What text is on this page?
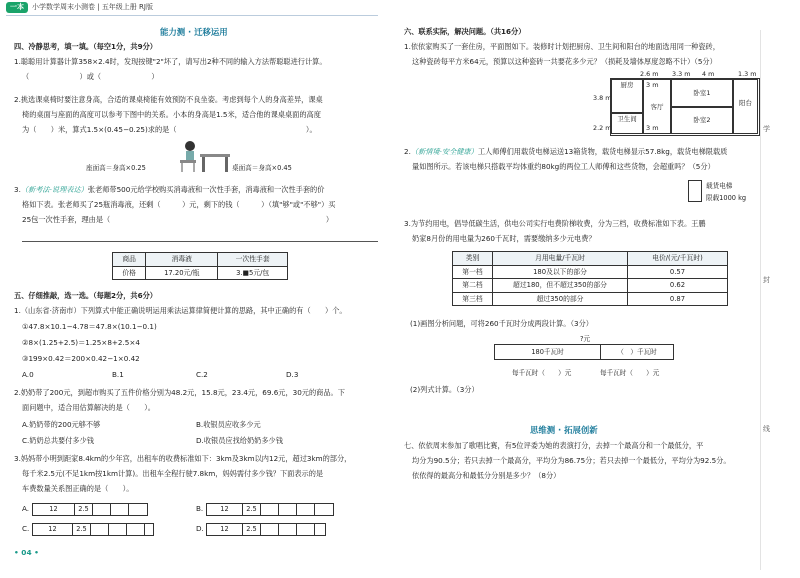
一本	小学数学周末小测卷 | 五年级上册 RJ版
能力测 · 迁移运用
四、冷静思考，填一填。（每空1分，共9分）
1.聪聪用计算器计算358×2.4时，发现按键"2"坏了，请写出2种不同的输入方法帮聪聪进行计算。
（　　　　　　　）或（　　　　　　　）
2.挑选课桌椅时要注意身高，合适的课桌椅能有效预防不良坐姿。考虑到每个人的身高差异，课桌
椅的桌面与座面的高度可以参考下图中的关系。小本的身高是1.5米，适合他的课桌桌面的高度
为（　　）米，算式1.5×(0.45−0.25)求的是（　　　　　　　　　　　　　　　　　　）。
座面高＝身高×0.25	桌面高＝身高×0.45
3.（新考法·说理表达）张老师带500元给学校购买消毒液和一次性手套，消毒液和一次性手套的价
格如下表。张老师买了25瓶消毒液，还剩（　　　）元，剩下的钱（　　　）（填"够"或"不够"）买
25包一次性手套，理由是（　　　　　　　　　　　　　　　　　　　　　　　　　　　　　　）
商品	消毒液	一次性手套
价格	17.20元/瓶	3.■5元/包
五、仔细推敲，选一选。（每题2分，共6分）
1.（山东省·济南市）下列算式中能正确说明运用乘法运算律简便计算的思路，其中正确的有（　　）个。
①47.8×10.1−4.78＝47.8×(10.1−0.1)
②8×(1.25+2.5)＝1.25×8+2.5×4
③199×0.42＝200×0.42−1×0.42
A.0	B.1	C.2	D.3
2.奶奶带了200元，到超市购买了五件价格分别为48.2元，15.8元，23.4元，69.6元，30元的商品。下
面问题中，适合用估算解决的是（　　）。
A.奶奶带的200元够不够	B.收银员应收多少元
C.奶奶总共要付多少钱	D.收银员应找给奶奶多少钱
3.妈妈带小明到距家8.4km的少年宫，出租车的收费标准如下：3km及3km以内12元，超过3km的部分，
每千米2.5元(不足1km按1km计算)。出租车全程行驶7.8km，妈妈需付多少钱？下面表示的是
车费数量关系图正确的是（　　）。
A.	12	2.5	B.	12	2.5
C.	12	2.5	D.	12	2.5
• 04 •
六、联系实际，解决问题。（共16分）
1.依依家购买了一套住房，平面图如下。装修时计划把厨房、卫生间和阳台的地面选用同一种瓷砖，
这种瓷砖每平方米64元，预算以这种瓷砖一共要花多少元？（损耗及墙体厚度忽略不计）（5分）
2.6 m 3.3 m 4 m	1.3 m
3.8 m
2.2 m
厨房
卫生间
3 m
客厅
3 m
卧室1
卧室2
阳台
2.（新情境·安全健康）工人师傅们用载货电梯运送13箱货物，载货电梯显示57.8kg，载货电梯限载质
量如图所示。若该电梯只搭载平均体重约80kg的两位工人师傅和这些货物，会超重吗？（5分）
载货电梯
限载1000 kg
3.为节约用电，倡导低碳生活，供电公司实行电费阶梯收费，分为三档，收费标准如下表。王鹏
奶家8月份的用电量为260千瓦时，需要缴纳多少元电费？
类别	月用电量/千瓦时	电价/(元/千瓦时)
第一档	180及以下的部分	0.57
第二档	超过180，但不超过350的部分	0.62
第三档	超过350的部分	0.87
(1)画图分析问题，可将260千瓦时分成两段计算。（3分）
?元
180千瓦时	（　）千瓦时
每千瓦时（　　）元	每千瓦时（　　）元
(2)列式计算。（3分）
思维测 · 拓展创新
七、依依周末参加了歌唱比赛，有5位评委为她的表演打分，去掉一个最高分和一个最低分，平
均分为90.5分；若只去掉一个最高分，平均分为86.75分；若只去掉一个最低分，平均分为92.5分。
依依得的最高分和最低分分别是多少？（8分）
学
封
线
